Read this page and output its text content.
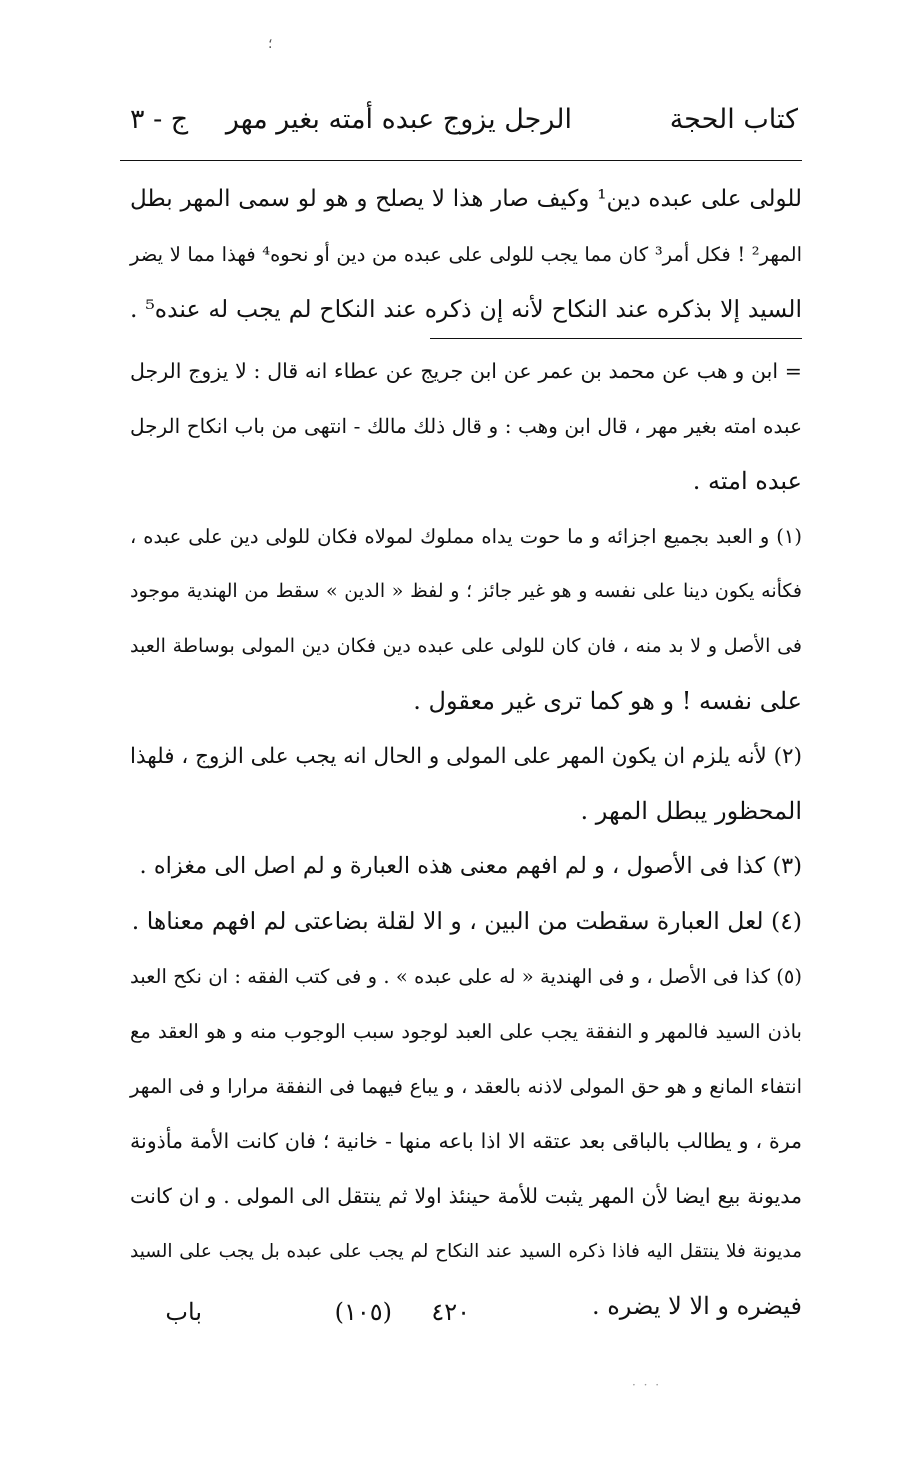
؛
كتاب الحجة
الرجل يزوج عبده أمته بغير مهر
ج - ٣
للولى على عبده دين¹ وكيف صار هذا لا يصلح و هو لو سمى المهر بطل
المهر² ! فكل أمر³ كان مما يجب للولى على عبده من دين أو نحوه⁴ فهذا مما لا يضر
السيد إلا بذكره عند النكاح لأنه إن ذكره عند النكاح لم يجب له عنده⁵ .
= ابن و هب عن محمد بن عمر عن ابن جريج عن عطاء انه قال : لا يزوج الرجل
عبده امته بغير مهر ، قال ابن وهب : و قال ذلك مالك - انتهى من باب انكاح الرجل
عبده امته .
(١) و العبد بجميع اجزائه و ما حوت يداه مملوك لمولاه فكان للولى دين على عبده ،
فكأنه يكون دينا على نفسه و هو غير جائز ؛ و لفظ « الدين » سقط من الهندية موجود
فى الأصل و لا بد منه ، فان كان للولى على عبده دين فكان دين المولى بوساطة العبد
على نفسه ! و هو كما ترى غير معقول .
(٢) لأنه يلزم ان يكون المهر على المولى و الحال انه يجب على الزوج ، فلهذا
المحظور يبطل المهر .
(٣) كذا فى الأصول ، و لم افهم معنى هذه العبارة و لم اصل الى مغزاه .
(٤) لعل العبارة سقطت من البين ، و الا لقلة بضاعتى لم افهم معناها .
(٥) كذا فى الأصل ، و فى الهندية « له على عبده » . و فى كتب الفقه : ان نكح العبد
باذن السيد فالمهر و النفقة يجب على العبد لوجود سبب الوجوب منه و هو العقد مع
انتفاء المانع و هو حق المولى لاذنه بالعقد ، و يباع فيهما فى النفقة مرارا و فى المهر
مرة ، و يطالب بالباقى بعد عتقه الا اذا باعه منها - خانية ؛ فان كانت الأمة مأذونة
مديونة بيع ايضا لأن المهر يثبت للأمة حينئذ اولا ثم ينتقل الى المولى . و ان كانت
مديونة فلا ينتقل اليه فاذا ذكره السيد عند النكاح لم يجب على عبده بل يجب على السيد
فيضره و الا لا يضره .
٤٢٠
(١٠٥)
باب
· · ·
